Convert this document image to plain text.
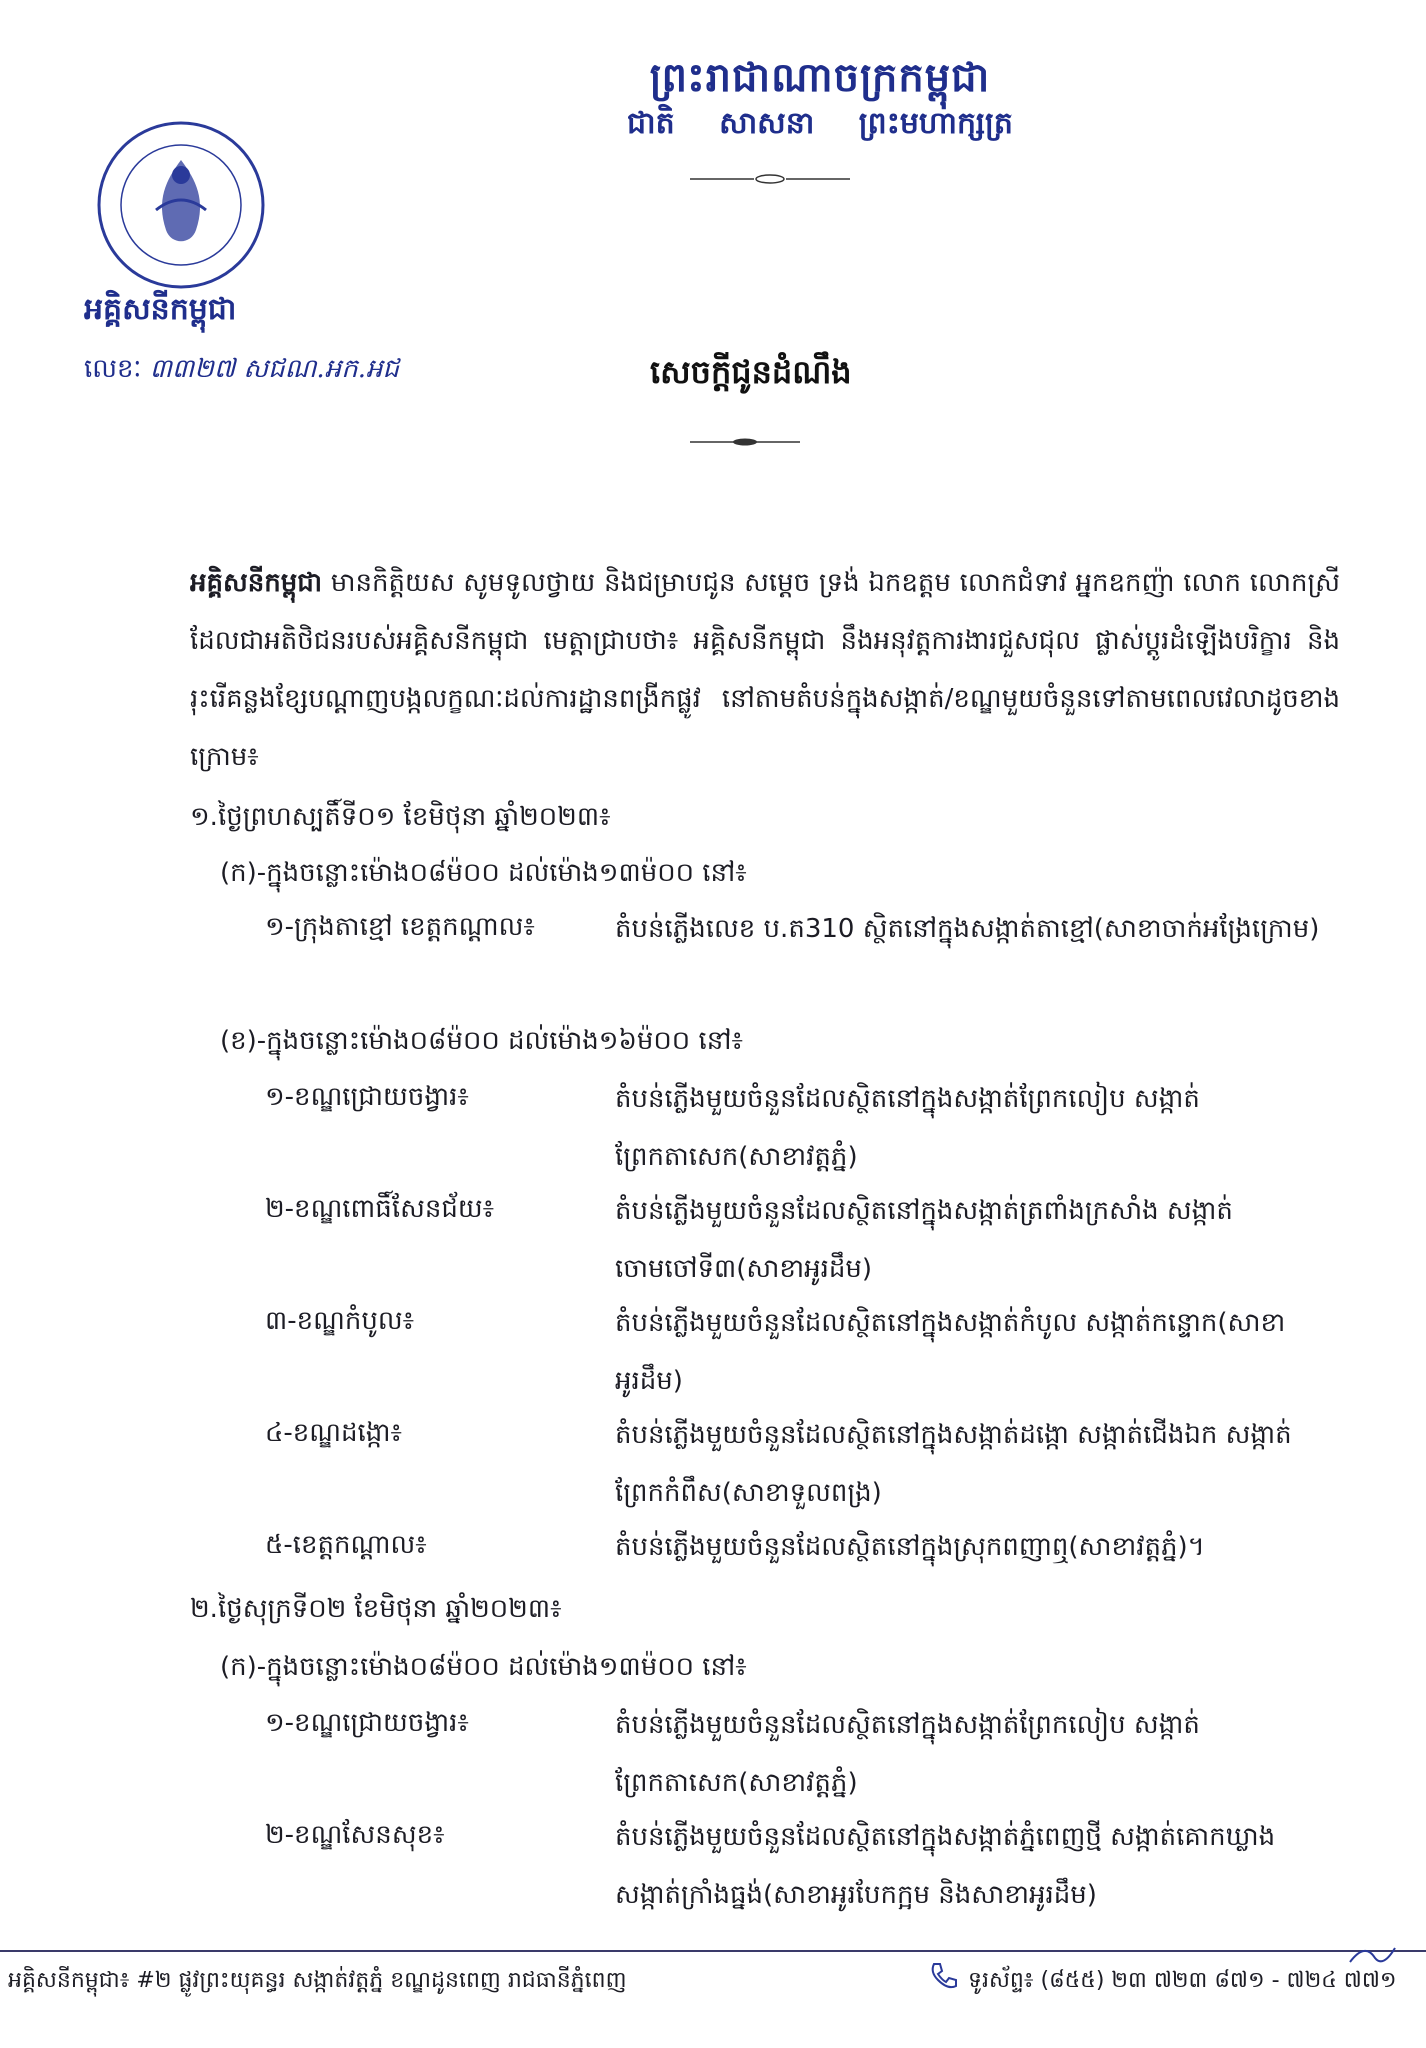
ព្រះរាជាណាចក្រកម្ពុជា
ជាតិ សាសនា ព្រះមហាក្សត្រ
អគ្គិសនីកម្ពុជា
លេខៈ ៣៣២៧ សជណ.អក.អជ	សេចក្តីជូនដំណឹង
អគ្គិសនីកម្ពុជា មានកិត្តិយស សូមទូលថ្វាយ និងជម្រាបជូន សម្តេច ទ្រង់ ឯកឧត្តម លោកជំទាវ អ្នកឧកញ៉ា លោក លោកស្រី ដែលជាអតិថិជនរបស់អគ្គិសនីកម្ពុជា មេត្តាជ្រាបថា៖ អគ្គិសនីកម្ពុជា នឹងអនុវត្តការងារជួសជុល ផ្លាស់ប្តូរដំឡើងបរិក្ខារ និងរុះរើគន្លងខ្សែបណ្តាញបង្កលក្ខណៈដល់ការដ្ឋានពង្រីកផ្លូវ នៅតាមតំបន់ក្នុងសង្កាត់/ខណ្ឌមួយចំនួនទៅតាមពេលវេលាដូចខាងក្រោម៖
១.ថ្ងៃព្រហស្បតិ៍ទី០១ ខែមិថុនា ឆ្នាំ២០២៣៖
(ក)-ក្នុងចន្លោះម៉ោង០៨ម៉០០ ដល់ម៉ោង១៣ម៉០០ នៅ៖
១-ក្រុងតាខ្មៅ ខេត្តកណ្តាល៖	តំបន់ភ្លើងលេខ ប.ត310 ស្ថិតនៅក្នុងសង្កាត់តាខ្មៅ(សាខាចាក់អង្រែក្រោម)
(ខ)-ក្នុងចន្លោះម៉ោង០៨ម៉០០ ដល់ម៉ោង១៦ម៉០០ នៅ៖
១-ខណ្ឌជ្រោយចង្វារ៖	តំបន់ភ្លើងមួយចំនួនដែលស្ថិតនៅក្នុងសង្កាត់ព្រែកលៀប សង្កាត់ព្រែកតាសេក(សាខាវត្តភ្នំ)
២-ខណ្ឌពោធិ៍សែនជ័យ៖	តំបន់ភ្លើងមួយចំនួនដែលស្ថិតនៅក្នុងសង្កាត់ត្រពាំងក្រសាំង សង្កាត់ចោមចៅទី៣(សាខាអូរដឹម)
៣-ខណ្ឌកំបូល៖	តំបន់ភ្លើងមួយចំនួនដែលស្ថិតនៅក្នុងសង្កាត់កំបូល សង្កាត់កន្ទោក(សាខាអូរដឹម)
៤-ខណ្ឌដង្កោ៖	តំបន់ភ្លើងមួយចំនួនដែលស្ថិតនៅក្នុងសង្កាត់ដង្កោ សង្កាត់ជើងឯក សង្កាត់ព្រែកកំពឹស(សាខាទួលពង្រ)
៥-ខេត្តកណ្តាល៖	តំបន់ភ្លើងមួយចំនួនដែលស្ថិតនៅក្នុងស្រុកពញាឮ(សាខាវត្តភ្នំ)។
២.ថ្ងៃសុក្រទី០២ ខែមិថុនា ឆ្នាំ២០២៣៖
(ក)-ក្នុងចន្លោះម៉ោង០៨ម៉០០ ដល់ម៉ោង១៣ម៉០០ នៅ៖
១-ខណ្ឌជ្រោយចង្វារ៖	តំបន់ភ្លើងមួយចំនួនដែលស្ថិតនៅក្នុងសង្កាត់ព្រែកលៀប សង្កាត់ព្រែកតាសេក(សាខាវត្តភ្នំ)
២-ខណ្ឌសែនសុខ៖	តំបន់ភ្លើងមួយចំនួនដែលស្ថិតនៅក្នុងសង្កាត់ភ្នំពេញថ្មី សង្កាត់គោកឃ្លាង សង្កាត់ក្រាំងធ្នង់(សាខាអូរបែកក្អម និងសាខាអូរដឹម)
អគ្គិសនីកម្ពុជា៖ #២ ផ្លូវព្រះយុគន្ធរ សង្កាត់វត្តភ្នំ ខណ្ឌដូនពេញ រាជធានីភ្នំពេញ	ទូរស័ព្ទ៖ (៨៥៥) ២៣ ៧២៣ ៨៧១ - ៧២៤ ៧៧១
